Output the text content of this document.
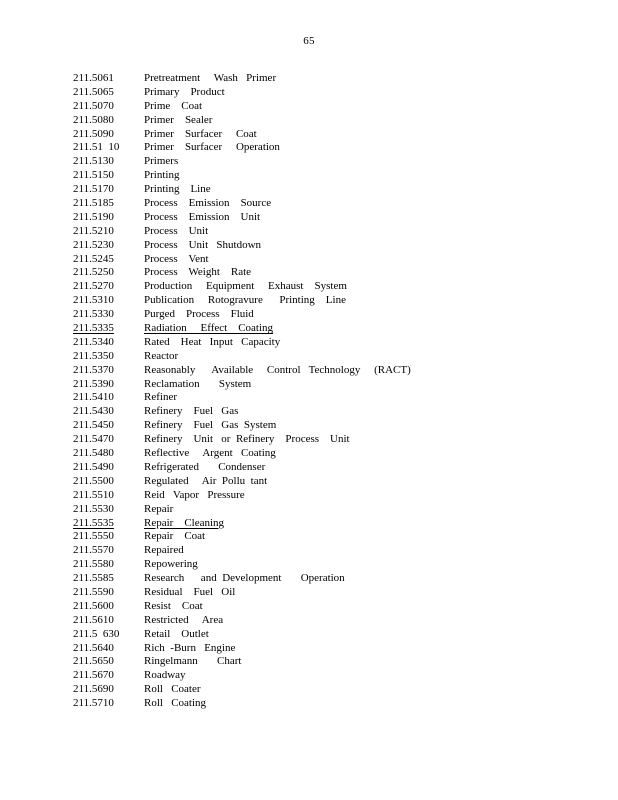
65
211.5061	Pretreatment     Wash   Primer
211.5065	Primary    Product
211.5070	Prime    Coat
211.5080	Primer    Sealer
211.5090	Primer    Surfacer     Coat
211.51  10 Primer    Surfacer     Operation
211.5130	Primers
211.5150	Printing
211.5170	Printing    Line
211.5185	Process    Emission    Source
211.5190	Process    Emission    Unit
211.5210	Process    Unit
211.5230	Process    Unit   Shutdown
211.5245	Process    Vent
211.5250	Process    Weight    Rate
211.5270	Production     Equipment     Exhaust    System
211.5310	Publication     Rotogravure      Printing    Line
211.5330	Purged    Process    Fluid
211.5335	Radiation     Effect    Coating
211.5340	Rated    Heat   Input   Capacity
211.5350	Reactor
211.5370	Reasonably      Available     Control   Technology     (RACT)
211.5390	Reclamation       System
211.5410	Refiner
211.5430	Refinery    Fuel   Gas
211.5450	Refinery    Fuel   Gas  System
211.5470	Refinery    Unit   or  Refinery    Process    Unit
211.5480	Reflective     Argent   Coating
211.5490	Refrigerated       Condenser
211.5500	Regulated     Air  Pollu  tant
211.5510	Reid   Vapor   Pressure
211.5530	Repair
211.5535	Repair    Cleaning
211.5550	Repair    Coat
211.5570	Repaired
211.5580	Repowering
211.5585	Research      and  Development       Operation
211.5590	Residual    Fuel   Oil
211.5600	Resist    Coat
211.5610	Restricted     Area
211.5  630 Retail    Outlet
211.5640	Rich  -Burn   Engine
211.5650	Ringelmann       Chart
211.5670	Roadway
211.5690	Roll   Coater
211.5710	Roll   Coating
